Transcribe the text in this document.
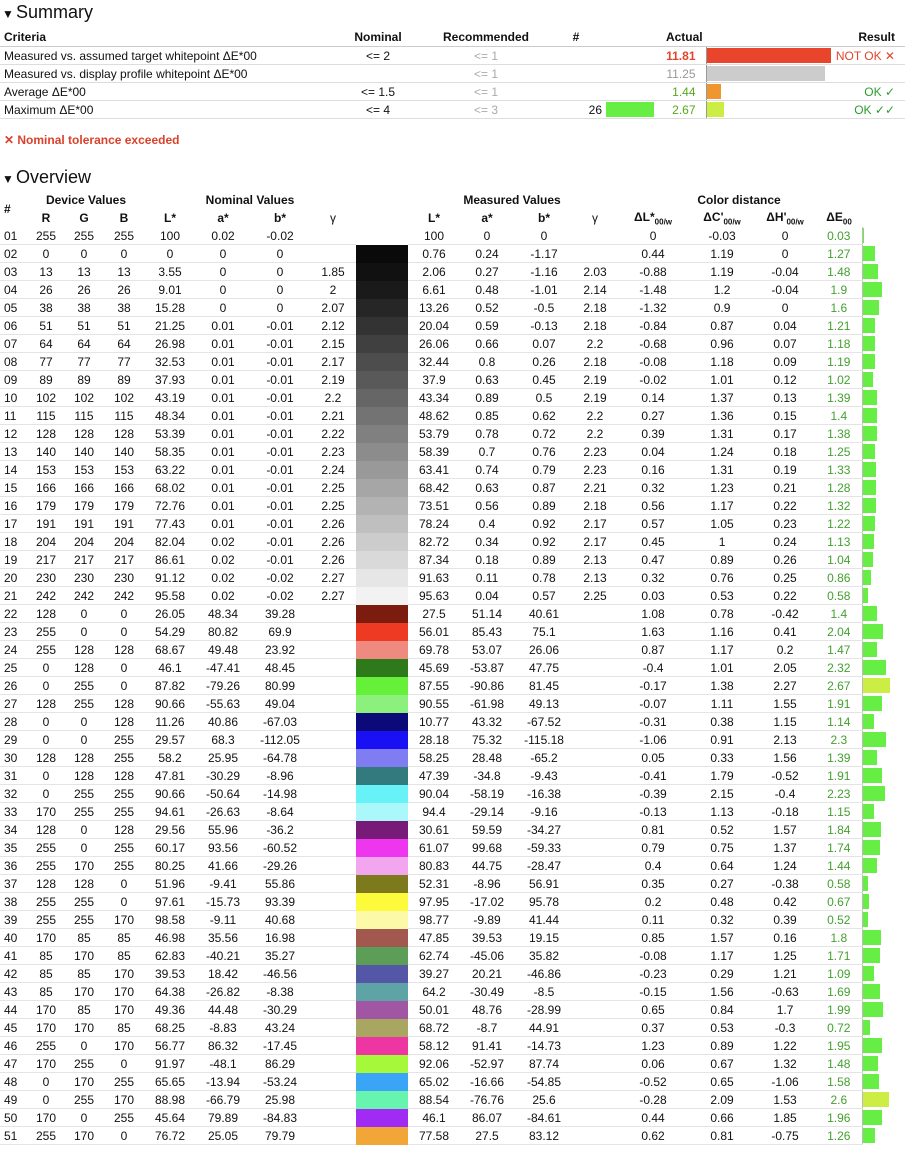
▼ Summary
Criteria	Nominal	Recommended	#	Actual			Result
Measured vs. assumed target whitepoint ΔE*00	<= 2	<= 1			11.81		NOT OK ✕
Measured vs. display profile whitepoint ΔE*00		<= 1			11.25	

Average ΔE*00	<= 1.5	<= 1			1.44		OK ✓
Maximum ΔE*00	<= 4	<= 3	26		2.67		OK ✓✓
✕ Nominal tolerance exceeded
▼ Overview
#	Device Values			Nominal Values					Measured Values				Color distance				
	R	G	B	L*	a*	b*	γ		L*	a*	b*	γ	$\Delta L*_{00/w}$	$\Delta C'_{00/w}$	$\Delta H'_{00/w}$	$\Delta E_{00}$	
01	255	255	255	100	0.02	-0.02			100	0	0		0	-0.03	0	0.03	

02	0	0	0	0	0	0			0.76	0.24	-1.17		0.44	1.19	0	1.27	

03	13	13	13	3.55	0	0	1.85		2.06	0.27	-1.16	2.03	-0.88	1.19	-0.04	1.48	

04	26	26	26	9.01	0	0	2		6.61	0.48	-1.01	2.14	-1.48	1.2	-0.04	1.9	

05	38	38	38	15.28	0	0	2.07		13.26	0.52	-0.5	2.18	-1.32	0.9	0	1.6	

06	51	51	51	21.25	0.01	-0.01	2.12		20.04	0.59	-0.13	2.18	-0.84	0.87	0.04	1.21	

07	64	64	64	26.98	0.01	-0.01	2.15		26.06	0.66	0.07	2.2	-0.68	0.96	0.07	1.18	

08	77	77	77	32.53	0.01	-0.01	2.17		32.44	0.8	0.26	2.18	-0.08	1.18	0.09	1.19	

09	89	89	89	37.93	0.01	-0.01	2.19		37.9	0.63	0.45	2.19	-0.02	1.01	0.12	1.02	

10	102	102	102	43.19	0.01	-0.01	2.2		43.34	0.89	0.5	2.19	0.14	1.37	0.13	1.39	

11	115	115	115	48.34	0.01	-0.01	2.21		48.62	0.85	0.62	2.2	0.27	1.36	0.15	1.4	

12	128	128	128	53.39	0.01	-0.01	2.22		53.79	0.78	0.72	2.2	0.39	1.31	0.17	1.38	

13	140	140	140	58.35	0.01	-0.01	2.23		58.39	0.7	0.76	2.23	0.04	1.24	0.18	1.25	

14	153	153	153	63.22	0.01	-0.01	2.24		63.41	0.74	0.79	2.23	0.16	1.31	0.19	1.33	

15	166	166	166	68.02	0.01	-0.01	2.25		68.42	0.63	0.87	2.21	0.32	1.23	0.21	1.28	

16	179	179	179	72.76	0.01	-0.01	2.25		73.51	0.56	0.89	2.18	0.56	1.17	0.22	1.32	

17	191	191	191	77.43	0.01	-0.01	2.26		78.24	0.4	0.92	2.17	0.57	1.05	0.23	1.22	

18	204	204	204	82.04	0.02	-0.01	2.26		82.72	0.34	0.92	2.17	0.45	1	0.24	1.13	

19	217	217	217	86.61	0.02	-0.01	2.26		87.34	0.18	0.89	2.13	0.47	0.89	0.26	1.04	

20	230	230	230	91.12	0.02	-0.02	2.27		91.63	0.11	0.78	2.13	0.32	0.76	0.25	0.86	

21	242	242	242	95.58	0.02	-0.02	2.27		95.63	0.04	0.57	2.25	0.03	0.53	0.22	0.58	

22	128	0	0	26.05	48.34	39.28			27.5	51.14	40.61		1.08	0.78	-0.42	1.4	

23	255	0	0	54.29	80.82	69.9			56.01	85.43	75.1		1.63	1.16	0.41	2.04	

24	255	128	128	68.67	49.48	23.92			69.78	53.07	26.06		0.87	1.17	0.2	1.47	

25	0	128	0	46.1	-47.41	48.45			45.69	-53.87	47.75		-0.4	1.01	2.05	2.32	

26	0	255	0	87.82	-79.26	80.99			87.55	-90.86	81.45		-0.17	1.38	2.27	2.67	

27	128	255	128	90.66	-55.63	49.04			90.55	-61.98	49.13		-0.07	1.11	1.55	1.91	

28	0	0	128	11.26	40.86	-67.03			10.77	43.32	-67.52		-0.31	0.38	1.15	1.14	

29	0	0	255	29.57	68.3	-112.05			28.18	75.32	-115.18		-1.06	0.91	2.13	2.3	

30	128	128	255	58.2	25.95	-64.78			58.25	28.48	-65.2		0.05	0.33	1.56	1.39	

31	0	128	128	47.81	-30.29	-8.96			47.39	-34.8	-9.43		-0.41	1.79	-0.52	1.91	

32	0	255	255	90.66	-50.64	-14.98			90.04	-58.19	-16.38		-0.39	2.15	-0.4	2.23	

33	170	255	255	94.61	-26.63	-8.64			94.4	-29.14	-9.16		-0.13	1.13	-0.18	1.15	

34	128	0	128	29.56	55.96	-36.2			30.61	59.59	-34.27		0.81	0.52	1.57	1.84	

35	255	0	255	60.17	93.56	-60.52			61.07	99.68	-59.33		0.79	0.75	1.37	1.74	

36	255	170	255	80.25	41.66	-29.26			80.83	44.75	-28.47		0.4	0.64	1.24	1.44	

37	128	128	0	51.96	-9.41	55.86			52.31	-8.96	56.91		0.35	0.27	-0.38	0.58	

38	255	255	0	97.61	-15.73	93.39			97.95	-17.02	95.78		0.2	0.48	0.42	0.67	

39	255	255	170	98.58	-9.11	40.68			98.77	-9.89	41.44		0.11	0.32	0.39	0.52	

40	170	85	85	46.98	35.56	16.98			47.85	39.53	19.15		0.85	1.57	0.16	1.8	

41	85	170	85	62.83	-40.21	35.27			62.74	-45.06	35.82		-0.08	1.17	1.25	1.71	

42	85	85	170	39.53	18.42	-46.56			39.27	20.21	-46.86		-0.23	0.29	1.21	1.09	

43	85	170	170	64.38	-26.82	-8.38			64.2	-30.49	-8.5		-0.15	1.56	-0.63	1.69	

44	170	85	170	49.36	44.48	-30.29			50.01	48.76	-28.99		0.65	0.84	1.7	1.99	

45	170	170	85	68.25	-8.83	43.24			68.72	-8.7	44.91		0.37	0.53	-0.3	0.72	

46	255	0	170	56.77	86.32	-17.45			58.12	91.41	-14.73		1.23	0.89	1.22	1.95	

47	170	255	0	91.97	-48.1	86.29			92.06	-52.97	87.74		0.06	0.67	1.32	1.48	

48	0	170	255	65.65	-13.94	-53.24			65.02	-16.66	-54.85		-0.52	0.65	-1.06	1.58	

49	0	255	170	88.98	-66.79	25.98			88.54	-76.76	25.6		-0.28	2.09	1.53	2.6	

50	170	0	255	45.64	79.89	-84.83			46.1	86.07	-84.61		0.44	0.66	1.85	1.96	

51	255	170	0	76.72	25.05	79.79			77.58	27.5	83.12		0.62	0.81	-0.75	1.26	
